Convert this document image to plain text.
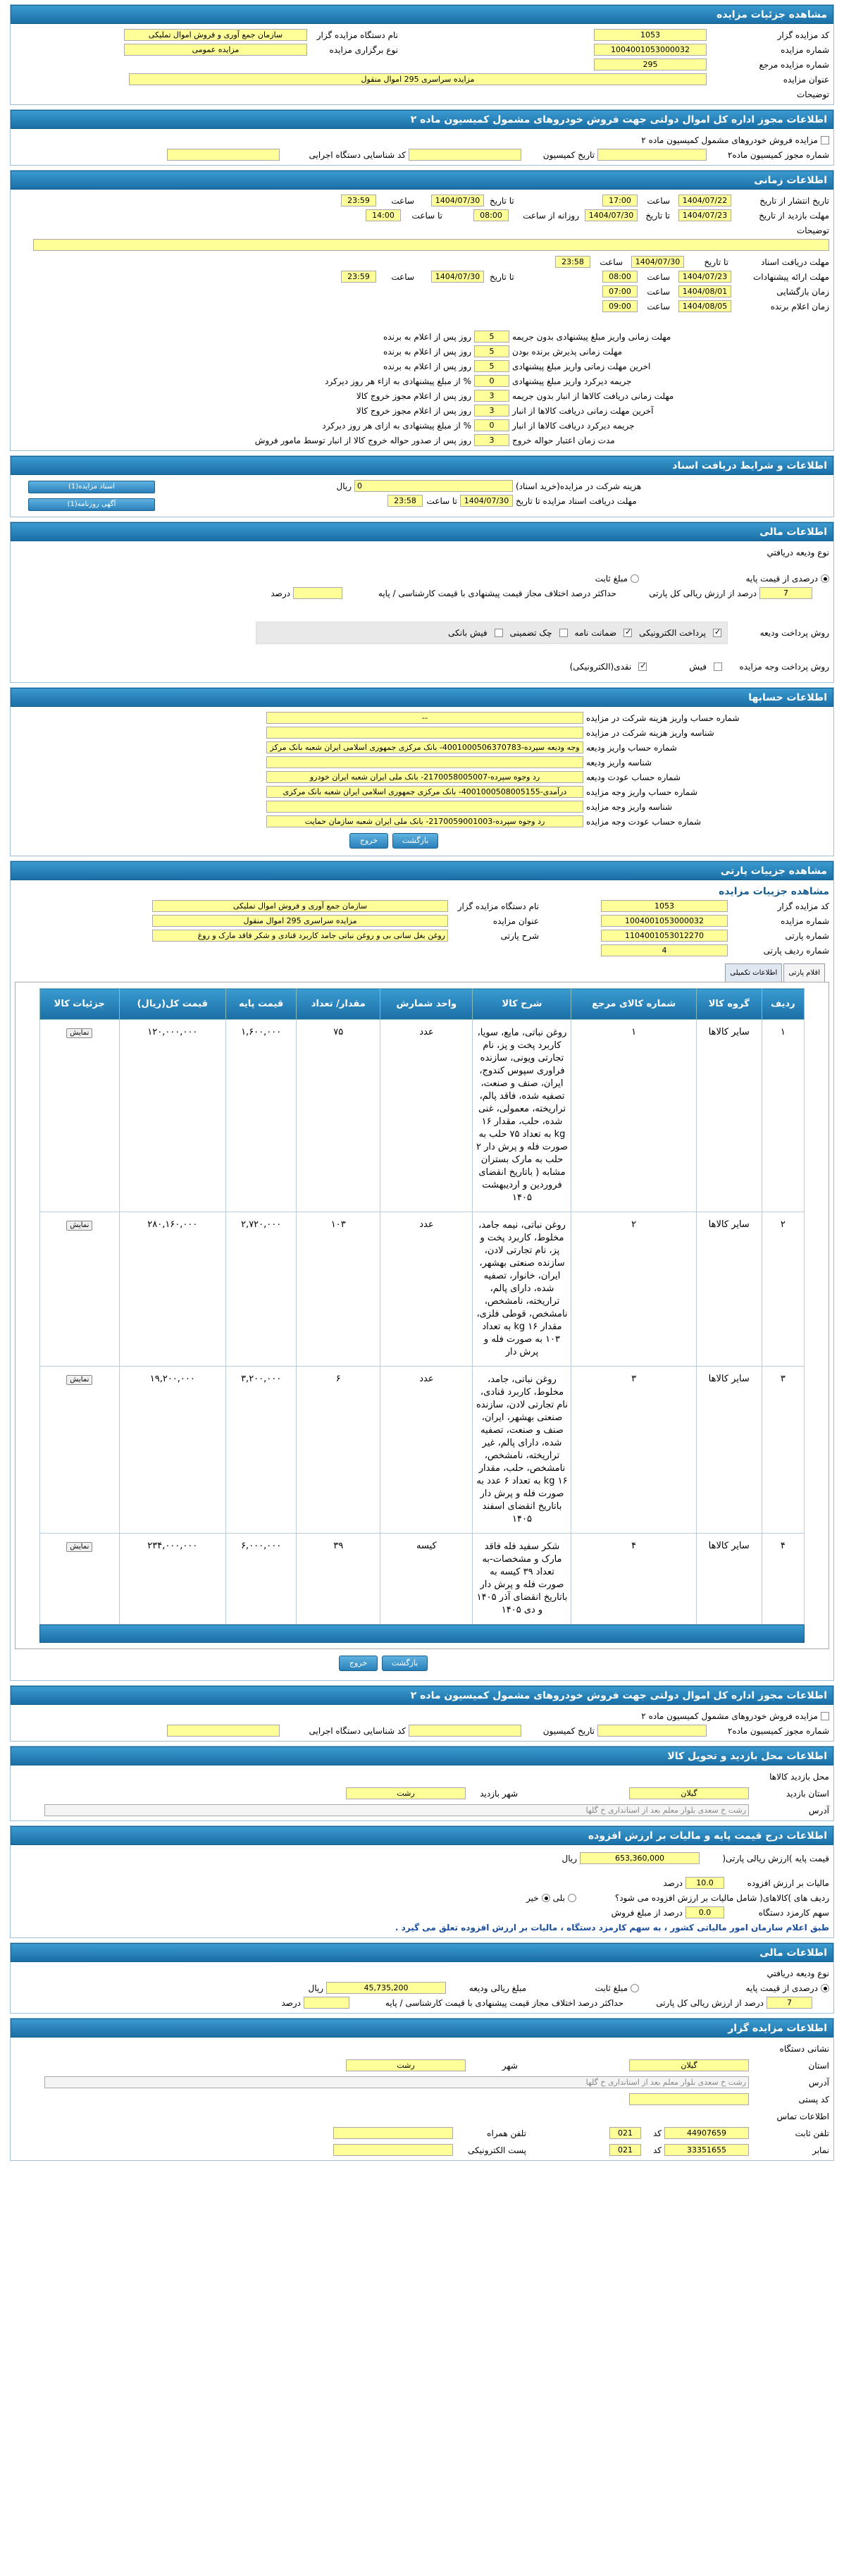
مشاهده جزئیات مزایده
کد مزایده گزار
1053
نام دستگاه مزایده گزار
سازمان جمع آوری و فروش اموال تملیکی
شماره مزایده
1004001053000032
نوع برگزاری مزایده
مزایده عمومی
شماره مزایده مرجع
295
عنوان مزایده
مزایده سراسری 295 اموال منقول
توضیحات
اطلاعات مجوز اداره کل اموال دولتی جهت فروش خودروهای مشمول کمیسیون ماده ۲
مزایده فروش خودروهای مشمول کمیسیون ماده ۲
شماره مجوز کمیسیون ماده۲
تاریخ کمیسیون
کد شناسایی دستگاه اجرایی
اطلاعات زمانی
تاریخ انتشار از تاریخ
1404/07/22
ساعت
17:00
تا تاریخ
1404/07/30
ساعت
23:59
مهلت بازدید از تاریخ
1404/07/23
تا تاریخ
1404/07/30
روزانه از ساعت
08:00
تا ساعت
14:00
توضیحات
مهلت دریافت اسناد
تا تاریخ
1404/07/30
ساعت
23:58
مهلت ارائه پیشنهادات
1404/07/23
ساعت
08:00
تا تاریخ
1404/07/30
ساعت
23:59
زمان بازگشایی
1404/08/01
ساعت
07:00
زمان اعلام برنده
1404/08/05
ساعت
09:00
مهلت زمانی واریز مبلغ پیشنهادی بدون جریمه
5
روز پس از اعلام به برنده
مهلت زمانی پذیرش برنده بودن
5
روز پس از اعلام به برنده
اخرین مهلت زمانی واریز مبلغ پیشنهادی
5
روز پس از اعلام به برنده
جریمه دیرکرد واریز مبلغ پیشنهادی
0
% از مبلغ پیشنهادی به ازاء هر روز دیرکرد
مهلت زمانی دریافت کالاها از انبار بدون جریمه
3
روز پس از اعلام مجوز خروج کالا
آخرین مهلت زمانی دریافت کالاها از انبار
3
روز پس از اعلام مجوز خروج کالا
جریمه دیرکرد دریافت کالاها از انبار
0
% از مبلغ پیشنهادی به ازای هر روز دیرکرد
مدت زمان اعتبار حواله خروج
3
روز پس از صدور حواله خروج کالا از انبار توسط مامور فروش
اطلاعات و شرایط دریافت اسناد
هزینه شرکت در مزایده(خرید اسناد)
0
ریال
مهلت دریافت اسناد مزایده تا تاریخ
1404/07/30
تا ساعت
23:58
اسناد مزایده(1)
آگهی روزنامه(1)
اطلاعات مالی
نوع وديعه دريافتي
درصدی از قیمت پایه
مبلغ ثابت
7
درصد از ارزش ریالی کل پارتی
حداکثر درصد اختلاف مجاز قیمت پیشنهادی با قیمت کارشناسی / پایه
درصد
روش پرداخت ودیعه
✓
پرداخت الکترونیکی
✓
ضمانت نامه
چک تضمینی
فیش بانکی
روش پرداخت وجه مزایده
فیش
✓
نقدی(الکترونیکی)
اطلاعات حسابها
شماره حساب واریز هزینه شرکت در مزایده
--
شناسه واریز هزینه شرکت در مزایده
شماره حساب واریز ودیعه
وجه ودیعه سپرده-4001000506370783- بانک مرکزی جمهوری اسلامی ایران شعبه بانک مرکز
شناسه واریز ودیعه
شماره حساب عودت ودیعه
رد وجوه سپرده-2170058005007- بانک ملی ایران شعبه ایران خودرو
شماره حساب واریز وجه مزایده
درآمدی-4001000508005155- بانک مرکزی جمهوری اسلامی ایران شعبه بانک مرکزی
شناسه واریز وجه مزایده
شماره حساب عودت وجه مزایده
رد وجوه سپرده-2170059001003- بانک ملی ایران شعبه سازمان حمایت
بازگشت
خروج
مشاهده جزییات پارتی
مشاهده جزییات مزایده
کد مزایده گزار
1053
نام دستگاه مزایده گزار
سازمان جمع آوری و فروش اموال تملیکی
شماره مزایده
1004001053000032
عنوان مزایده
مزایده سراسری 295 اموال منقول
شماره پارتی
1104001053012270
شرح پارتی
روغن بغل سانی بی و روغن نباتی جامد کاربرد قنادی و شکر فاقد مارک و روغ
شماره ردیف پارتی
4
اقلام پارتی
اطلاعات تکمیلی
ردیف	گروه کالا	شماره کالای مرجع	شرح کالا	واحد شمارش	مقدار/ تعداد	قیمت پایه	قیمت کل(ریال)	جزئیات کالا
۱	سایر کالاها	۱	روغن نباتی، مایع، سویا، کاربرد پخت و پز، نام تجارتی ویونی، سازنده فراوری سپوس کندوج، ایران، صنف و صنعت، تصفیه شده، فاقد پالم، تراریخته، معمولی، غنی شده، حلب، مقدار ۱۶ kg به تعداد ۷۵ حلب به صورت فله و پرش دار ۲ حلب به مارک بستران مشابه ( باتاریخ انقضای فروردین و اردیبهشت ۱۴۰۵	عدد	۷۵	۱,۶۰۰,۰۰۰	۱۲۰,۰۰۰,۰۰۰	نمایش
۲	سایر کالاها	۲	روغن نباتی، نیمه جامد، مخلوط، کاربرد پخت و پز، نام تجارتی لادن، سازنده صنعتی بهشهر، ایران، خانوار، تصفیه شده، دارای پالم، تراریخته، نامشخص، نامشخص، قوطی فلزی، مقدار ۱۶ kg به تعداد ۱۰۳ به صورت فله و پرش دار	عدد	۱۰۳	۲,۷۲۰,۰۰۰	۲۸۰,۱۶۰,۰۰۰	نمایش
۳	سایر کالاها	۳	روغن نباتی، جامد، مخلوط، کاربرد قنادی، نام تجارتی لادن، سازنده صنعتی بهشهر، ایران، صنف و صنعت، تصفیه شده، دارای پالم، غیر تراریخته، نامشخص، نامشخص، حلب، مقدار ۱۶ kg به تعداد ۶ عدد به صورت فله و پرش دار باتاریخ انقضای اسفند ۱۴۰۵	عدد	۶	۳,۲۰۰,۰۰۰	۱۹,۲۰۰,۰۰۰	نمایش
۴	سایر کالاها	۴	شکر سفید فله فاقد مارک و مشخصات-به تعداد ۳۹ کیسه به صورت فله و پرش دار باتاریخ انقضای آذر ۱۴۰۵ و دی ۱۴۰۵	کیسه	۳۹	۶,۰۰۰,۰۰۰	۲۳۴,۰۰۰,۰۰۰	نمایش
بازگشت
خروج
اطلاعات مجوز اداره کل اموال دولتی جهت فروش خودروهای مشمول کمیسیون ماده ۲
مزایده فروش خودروهای مشمول کمیسیون ماده ۲
شماره مجوز کمیسیون ماده۲
تاریخ کمیسیون
کد شناسایی دستگاه اجرایی
اطلاعات محل بازدید و تحویل کالا
محل بازدید کالاها
استان بازدید
گیلان
شهر بازدید
رشت
آدرس
رشت خ سعدی بلوار معلم بعد از استانداری خ گلها
اطلاعات درج قیمت پایه و مالیات بر ارزش افزوده
قیمت پایه )ارزش ریالی پارتی(
653,360,000
ریال
مالیات بر ارزش افزوده
10.0
درصد
ردیف های )کالاهای( شامل مالیات بر ارزش افزوده می شود؟
بلی
خیر
سهم کارمزد دستگاه
0.0
درصد از مبلغ فروش
طبق اعلام سازمان امور مالیاتی کشور ، به سهم کارمزد دستگاه ، مالیات بر ارزش افزوده تعلق می گیرد .
اطلاعات مالی
نوع وديعه دريافتي
درصدی از قیمت پایه
مبلغ ثابت
مبلغ ریالی ودیعه
45,735,200
ریال
7
درصد از ارزش ریالی کل پارتی
حداکثر درصد اختلاف مجاز قیمت پیشنهادی با قیمت کارشناسی / پایه
درصد
اطلاعات مزایده گزار
نشانی دستگاه
استان
گیلان
شهر
رشت
آدرس
رشت خ سعدی بلوار معلم بعد از استانداری خ گلها
کد پستی
اطلاعات تماس
تلفن ثابت
44907659
کد
021
تلفن همراه
نمابر
33351655
کد
021
پست الکترونیکی
